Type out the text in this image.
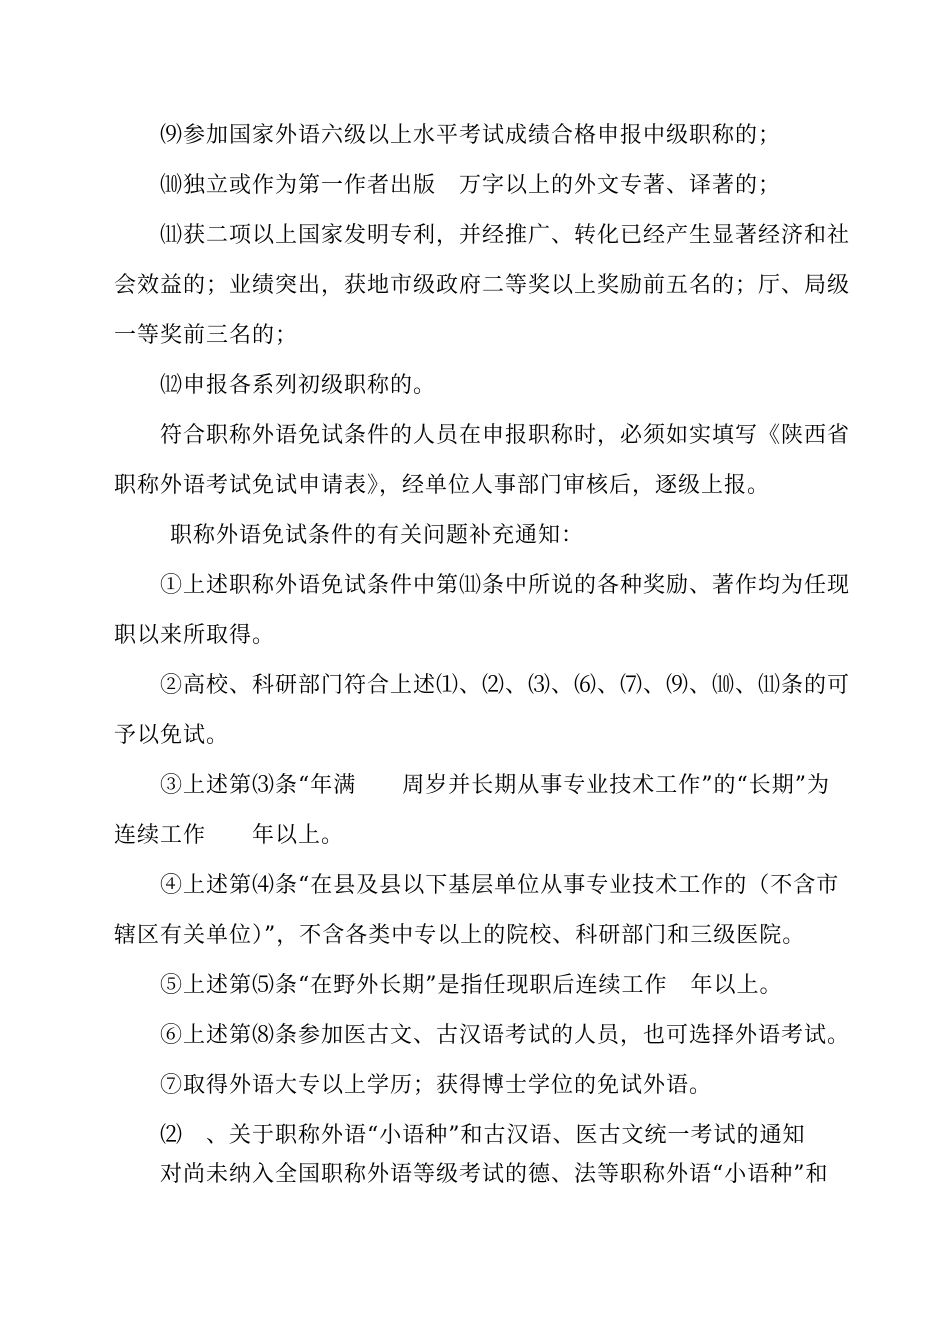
⑼参加国家外语六级以上水平考试成绩合格申报中级职称的；
⑽独立或作为第一作者出版　万字以上的外文专著、译著的；
⑾获二项以上国家发明专利，并经推广、转化已经产生显著经济和社
会效益的；业绩突出，获地市级政府二等奖以上奖励前五名的；厅、局级
一等奖前三名的；
⑿申报各系列初级职称的。
符合职称外语免试条件的人员在申报职称时，必须如实填写《陕西省
职称外语考试免试申请表》，经单位人事部门审核后，逐级上报。
职称外语免试条件的有关问题补充通知：
①上述职称外语免试条件中第⑾条中所说的各种奖励、著作均为任现
职以来所取得。
②高校、科研部门符合上述⑴、⑵、⑶、⑹、⑺、⑼、⑽、⑾条的可
予以免试。
③上述第⑶条“年满　　周岁并长期从事专业技术工作”的“长期”为
连续工作　　年以上。
④上述第⑷条“在县及县以下基层单位从事专业技术工作的（不含市
辖区有关单位）”，不含各类中专以上的院校、科研部门和三级医院。
⑤上述第⑸条“在野外长期”是指任现职后连续工作　年以上。
⑥上述第⑻条参加医古文、古汉语考试的人员，也可选择外语考试。
⑦取得外语大专以上学历；获得博士学位的免试外语。
⑵　、关于职称外语“小语种”和古汉语、医古文统一考试的通知
对尚未纳入全国职称外语等级考试的德、法等职称外语“小语种”和
